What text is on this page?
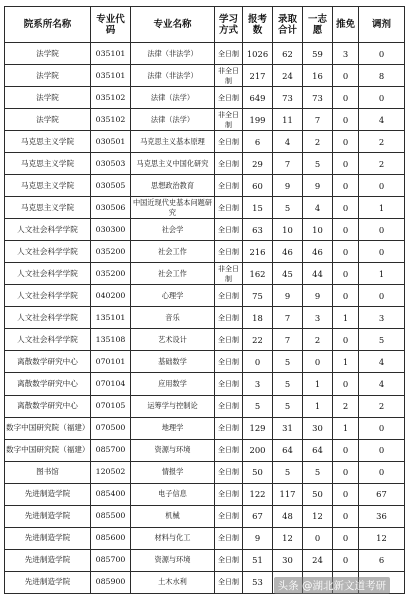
院系所名称	专业代码	专业名称	学习方式	报考数	录取合计	一志愿	推免	调剂
法学院	035101	法律（非法学）	全日制	1026	62	59	3	0
法学院	035101	法律（非法学）	非全日制	217	24	16	0	8
法学院	035102	法律（法学）	全日制	649	73	73	0	0
法学院	035102	法律（法学）	非全日制	199	11	7	0	4
马克思主义学院	030501	马克思主义基本原理	全日制	6	4	2	0	2
马克思主义学院	030503	马克思主义中国化研究	全日制	29	7	5	0	2
马克思主义学院	030505	思想政治教育	全日制	60	9	9	0	0
马克思主义学院	030506	中国近现代史基本问题研究	全日制	15	5	4	0	1
人文社会科学学院	030300	社会学	全日制	63	10	10	0	0
人文社会科学学院	035200	社会工作	全日制	216	46	46	0	0
人文社会科学学院	035200	社会工作	非全日制	162	45	44	0	1
人文社会科学学院	040200	心理学	全日制	75	9	9	0	0
人文社会科学学院	135101	音乐	全日制	18	7	3	1	3
人文社会科学学院	135108	艺术设计	全日制	22	7	2	0	5
离散数学研究中心	070101	基础数学	全日制	0	5	0	1	4
离散数学研究中心	070104	应用数学	全日制	3	5	1	0	4
离散数学研究中心	070105	运筹学与控制论	全日制	5	5	1	2	2
数字中国研究院（福建）	070500	地理学	全日制	129	31	30	1	0
数字中国研究院（福建）	085700	资源与环境	全日制	200	64	64	0	0
图书馆	120502	情报学	全日制	50	5	5	0	0
先进制造学院	085400	电子信息	全日制	122	117	50	0	67
先进制造学院	085500	机械	全日制	67	48	12	0	36
先进制造学院	085600	材料与化工	全日制	9	12	0	0	12
先进制造学院	085700	资源与环境	全日制	51	30	24	0	6
先进制造学院	085900	土木水利	全日制	53					头条 @湖北新文道考研
